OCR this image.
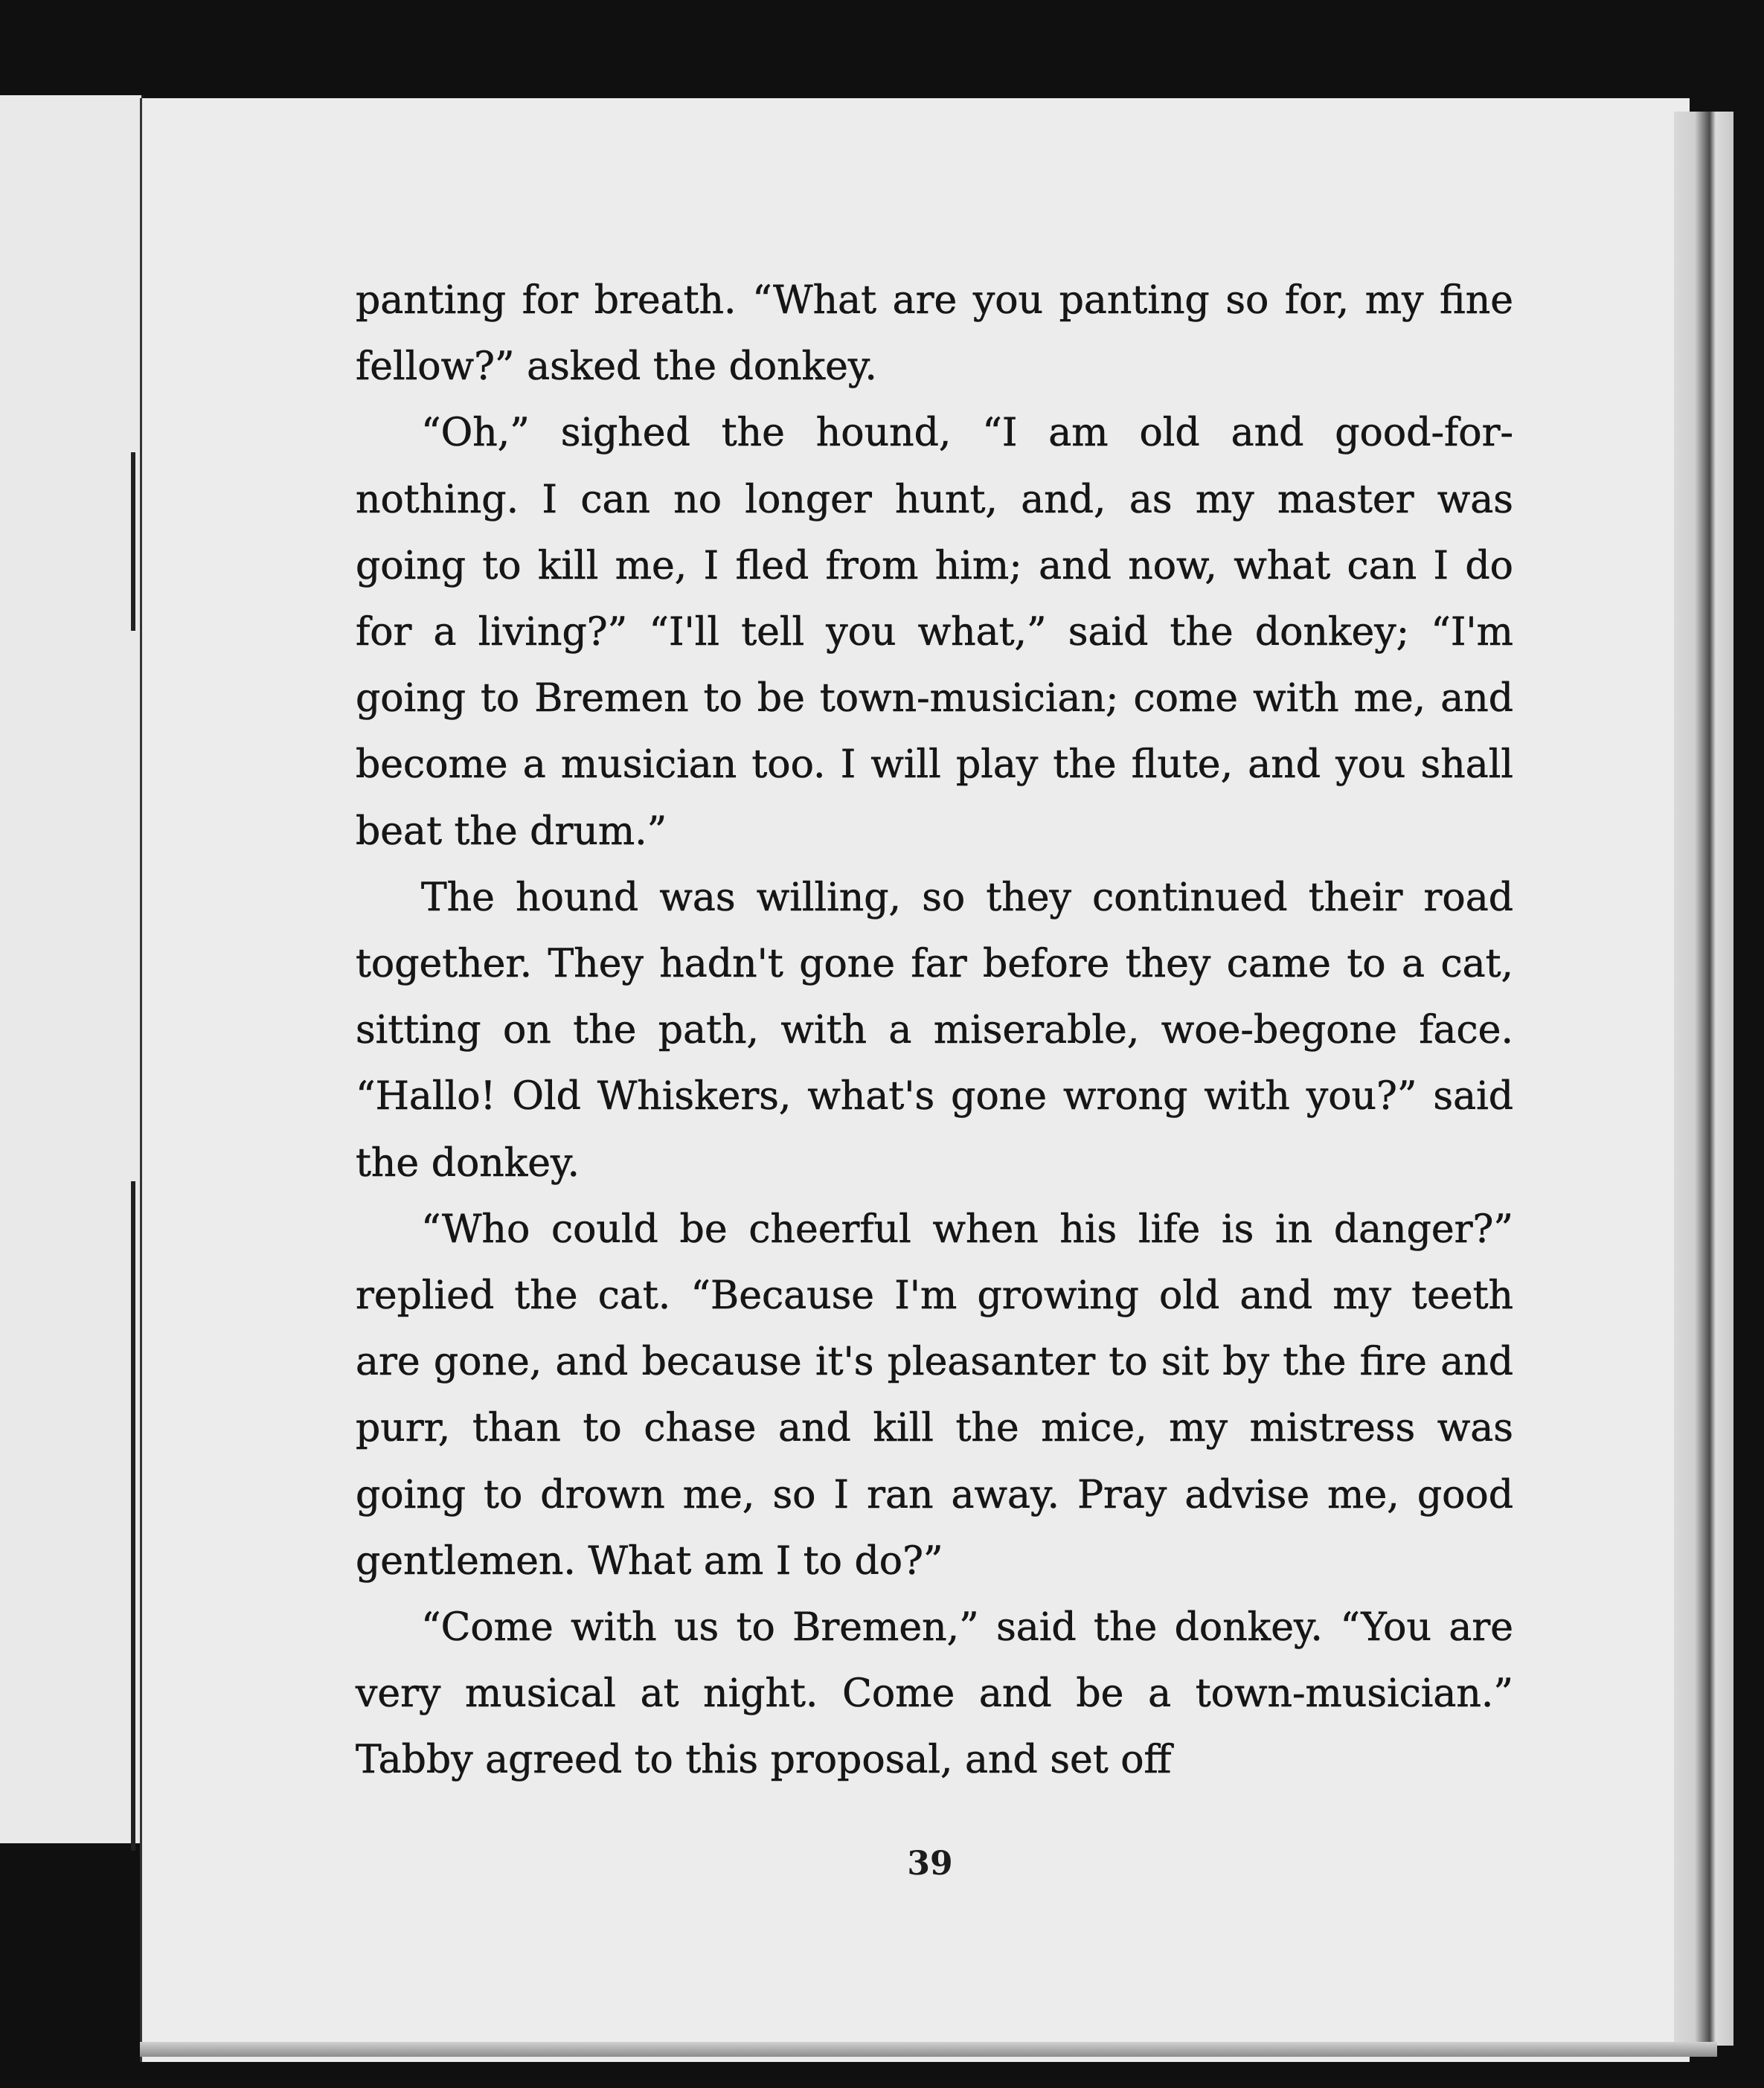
panting for breath. “What are you panting so for, my fine fellow?” asked the donkey.

“Oh,” sighed the hound, “I am old and good-for-nothing. I can no longer hunt, and, as my master was going to kill me, I fled from him; and now, what can I do for a living?” “I'll tell you what,” said the donkey; “I'm going to Bremen to be town-musician; come with me, and become a musician too. I will play the flute, and you shall beat the drum.”

The hound was willing, so they continued their road together. They hadn't gone far before they came to a cat, sitting on the path, with a miserable, woe-begone face. “Hallo! Old Whiskers, what's gone wrong with you?” said the donkey.

“Who could be cheerful when his life is in danger?” replied the cat. “Because I'm growing old and my teeth are gone, and because it's pleasanter to sit by the fire and purr, than to chase and kill the mice, my mistress was going to drown me, so I ran away. Pray advise me, good gentlemen. What am I to do?”

“Come with us to Bremen,” said the donkey. “You are very musical at night. Come and be a town-musician.” Tabby agreed to this proposal, and set off

39
